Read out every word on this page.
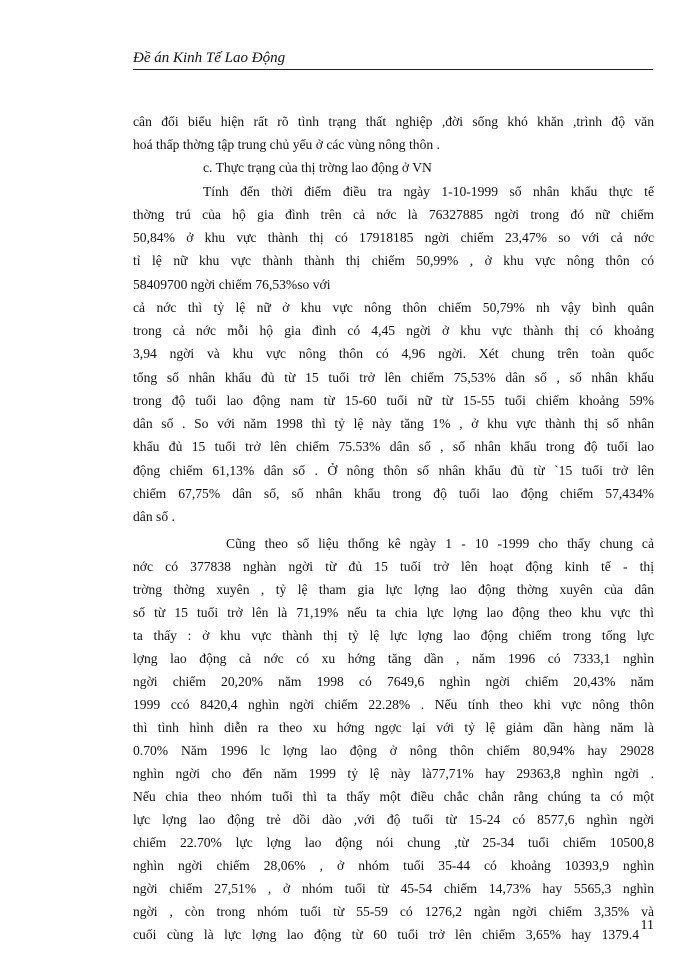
Đề án Kinh Tế Lao Động
cân đối biểu hiện rất rõ tình trạng thất nghiệp ,đời sống khó khăn ,trình độ văn
hoá thấp thờng tập trung chủ yếu ở các vùng nông thôn .
c. Thực trạng của thị trờng lao động ở VN
Tính đến thời điểm điều tra ngày 1-10-1999 số nhân khẩu thực tế
thờng trú của hộ gia đình trên cả nớc là 76327885 ngời trong đó nữ chiếm
50,84% ở khu vực thành thị có 17918185 ngời chiếm 23,47% so với cả nớc
tỉ lệ nữ khu vực thành thành thị chiếm 50,99% , ở khu vực nông thôn có
58409700 ngời chiếm 76,53%so với
cả nớc thì tỷ lệ nữ ở khu vực nông thôn chiếm 50,79% nh vậy bình quân
trong cả nớc mỗi hộ gia đình có 4,45 ngời ở khu vực thành thị có khoảng
3,94 ngời và khu vực nông thôn có 4,96 ngời. Xét chung trên toàn quốc
tổng số nhân khẩu đủ từ 15 tuổi trở lên chiếm 75,53% dân số , số nhân khẩu
trong độ tuổi lao động nam từ 15-60 tuổi nữ từ 15-55 tuổi chiếm khoảng 59%
dân số . So với năm 1998 thì tỷ lệ này tăng 1% , ở khu vực thành thị số nhân
khẩu đủ 15 tuổi trở lên chiếm 75.53% dân số , số nhân khẩu trong độ tuổi lao
động chiếm 61,13% dân số . Ở nông thôn số nhân khẩu đủ từ `15 tuổi trở lên
chiếm 67,75% dân số, số nhân khẩu trong độ tuổi lao động chiếm 57,434%
dân số .
Cũng theo số liệu thống kê ngày 1 - 10 -1999 cho thấy chung cả
nớc có 377838 nghàn ngời từ đủ 15 tuổi trở lên hoạt động kinh tế - thị
trờng thờng xuyên , tỷ lệ tham gia lực lợng lao động thờng xuyên của dân
số từ 15 tuổi trở lên là 71,19% nếu ta chia lực lợng lao động theo khu vực thì
ta thấy : ở khu vực thành thị tỷ lệ lực lợng lao động chiếm trong tổng lực
lợng lao động cả nớc có xu hớng tăng dần , năm 1996 có 7333,1 nghìn
ngời chiếm 20,20% năm 1998 có 7649,6 nghìn ngời chiếm 20,43% năm
1999 ccó 8420,4 nghìn ngời chiếm 22.28% . Nếu tính theo khi vực nông thôn
thì tình hình diễn ra theo xu hớng ngợc lại với tỷ lệ giảm dần hàng năm là
0.70% Năm 1996 lc lợng lao động ở nông thôn chiếm 80,94% hay 29028
nghìn ngời cho đến năm 1999 tỷ lệ này là77,71% hay 29363,8 nghìn ngời .
Nếu chia theo nhóm tuổi thì ta thấy một điều chắc chắn rằng chúng ta có một
lực lợng lao động trẻ dồi dào ,với độ tuổi từ 15-24 có 8577,6 nghìn ngời
chiếm 22.70% lực lợng lao động nói chung ,từ 25-34 tuổi chiếm 10500,8
nghìn ngời chiếm 28,06% , ở nhóm tuổi 35-44 có khoảng 10393,9 nghìn
ngời chiếm 27,51% , ở nhóm tuổi từ 45-54 chiếm 14,73% hay 5565,3 nghìn
ngời , còn trong nhóm tuổi từ 55-59 có 1276,2 ngàn ngời chiếm 3,35% và
cuối cùng là lực lợng lao động từ 60 tuổi trở lên chiếm 3,65% hay 1379.4
11
